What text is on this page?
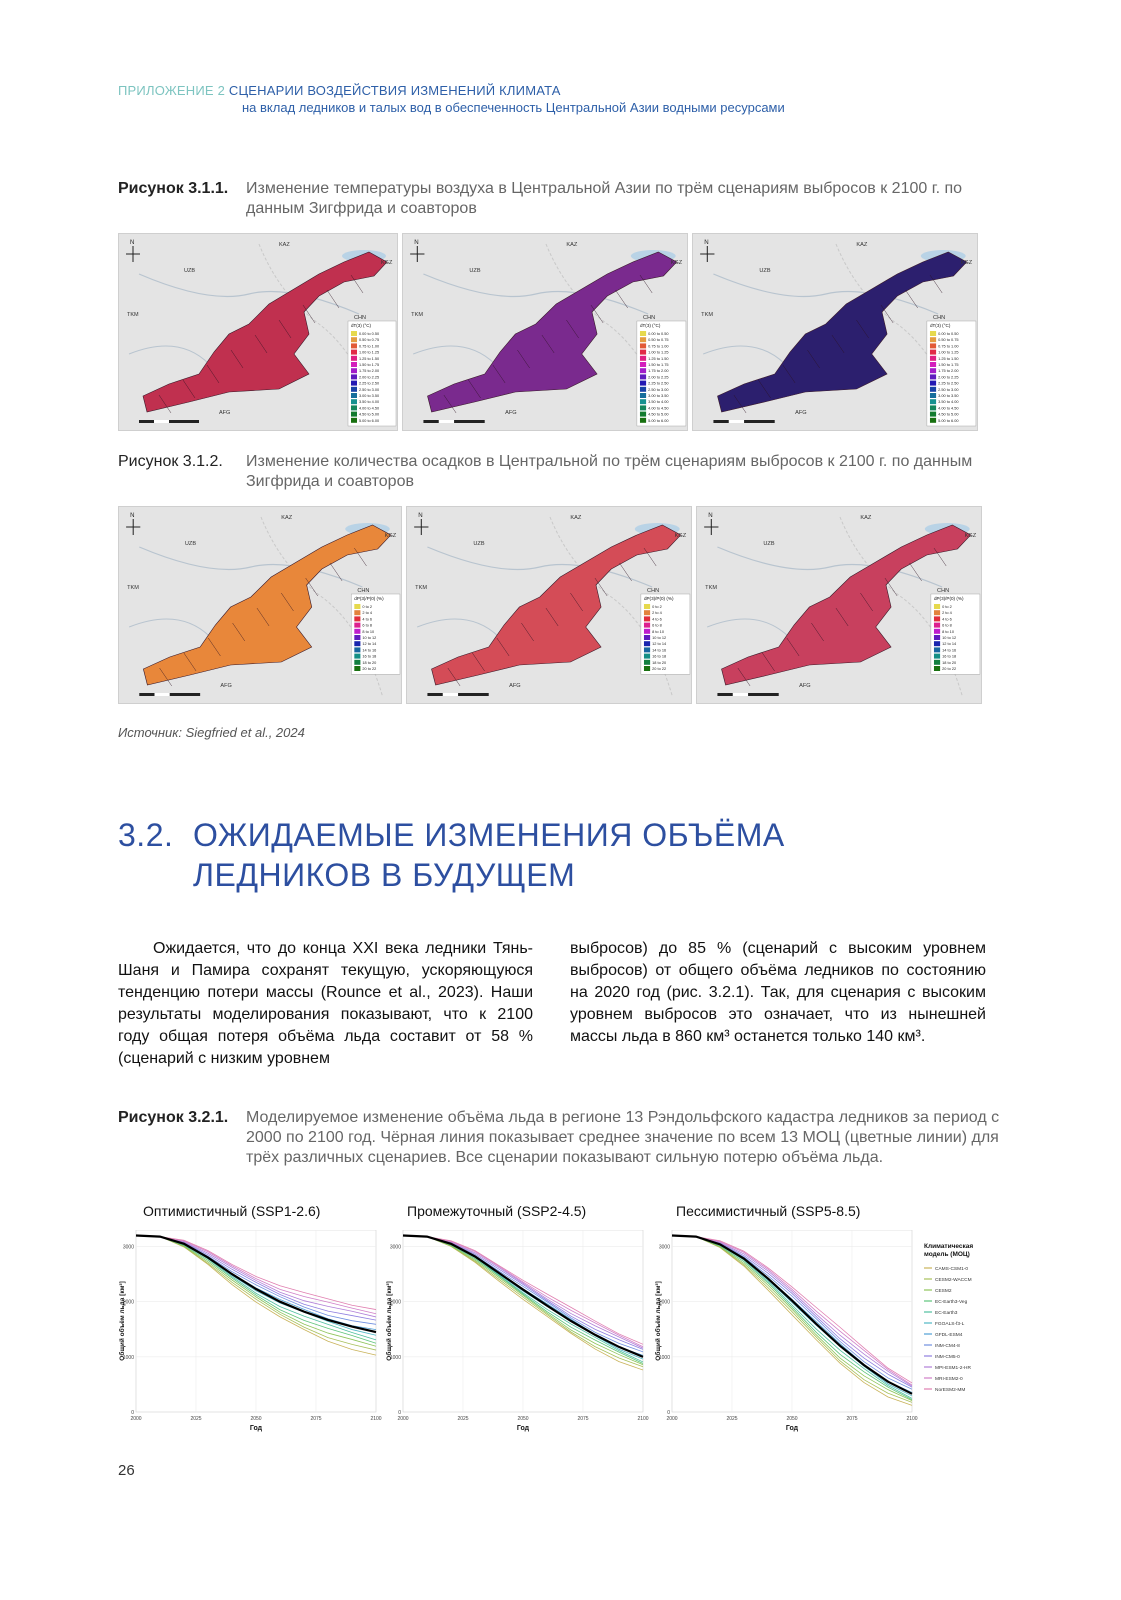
ПРИЛОЖЕНИЕ 2 СЦЕНАРИИ ВОЗДЕЙСТВИЯ ИЗМЕНЕНИЙ КЛИМАТА
на вклад ледников и талых вод в обеспеченность Центральной Азии водными ресурсами
Рисунок 3.1.1. Изменение температуры воздуха в Центральной Азии по трём сценариям выбросов к 2100 г. по данным Зигфрида и соавторов
N	KAZ
UZB
TKM	CHN
AFG
KGZ
dT(3) (°C)
0.00 to 0.50
0.50 to 0.75
0.75 to 1.00
1.00 to 1.25
1.25 to 1.50
1.50 to 1.75
1.75 to 2.00
2.00 to 2.25
2.25 to 2.50
2.50 to 3.00
3.00 to 3.50
3.50 to 4.00
4.00 to 4.50
4.50 to 5.00
5.00 to 6.00
N	KAZ
UZB
TKM
CHN
AFG
KGZ
dT(3) (°C)
0.00 to 0.50
0.50 to 0.75
0.75 to 1.00
1.00 to 1.25
1.25 to 1.50
1.50 to 1.75
1.75 to 2.00
2.00 to 2.25
2.25 to 2.50
2.50 to 3.00
3.00 to 3.50
3.50 to 4.00
4.00 to 4.50
4.50 to 5.00
5.00 to 6.00
N	KAZ
UZB
TKM
CHN
AFG
KGZ
dT(3) (°C)
0.00 to 0.50
0.50 to 0.75
0.75 to 1.00
1.00 to 1.25
1.25 to 1.50
1.50 to 1.75
1.75 to 2.00
2.00 to 2.25
2.25 to 2.50
2.50 to 3.00
3.00 to 3.50
3.50 to 4.00
4.00 to 4.50
4.50 to 5.00
5.00 to 6.00
Рисунок 3.1.2. Изменение количества осадков в Центральной по трём сценариям выбросов к 2100 г. по данным Зигфрида и соавторов
N	KAZ
UZB
TKM
CHN
AFG
KGZ
dP(3)/P(0) (%)
0 to 2
2 to 4
4 to 6
6 to 8
8 to 10
10 to 12
12 to 14
14 to 16
16 to 18
18 to 20
20 to 22
N	KAZ
UZB
TKM
CHN
AFG
KGZ
dP(3)/P(0) (%)
0 to 2
2 to 4
4 to 6
6 to 8
8 to 10
10 to 12
12 to 14
14 to 16
16 to 18
18 to 20
20 to 22
N	KAZ
UZB
TKM
CHN
AFG
KGZ
dP(3)/P(0) (%)
0 to 2
2 to 4
4 to 6
6 to 8
8 to 10
10 to 12
12 to 14
14 to 16
16 to 18
18 to 20
20 to 22
Источник: Siegfried et al., 2024
3.2. ОЖИДАЕМЫЕ ИЗМЕНЕНИЯ ОБЪЁМА
ЛЕДНИКОВ В БУДУЩЕМ
Ожидается, что до конца XXI века ледники Тянь-Шаня и Памира сохранят текущую, ускоряющуюся тенденцию потери массы (Rounce et al., 2023). Наши результаты моделирования показывают, что к 2100 году общая потеря объёма льда составит от 58 % (сценарий с низким уровнем
выбросов) до 85 % (сценарий с высоким уровнем выбросов) от общего объёма ледников по состоянию на 2020 год (рис. 3.2.1). Так, для сценария с высоким уровнем выбросов это означает, что из нынешней массы льда в 860 км³ останется только 140 км³.
Рисунок 3.2.1. Моделируемое изменение объёма льда в регионе 13 Рэндольфского кадастра ледников за период с 2000 по 2100 год. Чёрная линия показывает среднее значение по всем 13 МОЦ (цветные линии) для трёх различных сценариев. Все сценарии показывают сильную потерю объёма льда.
Оптимистичный (SSP1-2.6)	Промежуточный (SSP2-4.5)	Пессимистичный (SSP5-8.5)
0
1000
2000
3000
2000	2025	2050	2075	2100
Год
Общий объём льда [км³]
0
1000
2000
3000
2000	2025	2050	2075	2100
Год
Общий объём льда [км³]
0
1000
2000
3000
2000	2025	2050	2075	2100
Год
Общий объём льда [км³]
Климатическая
модель (МОЦ)
CAMS-CSM1-0
CESM2-WACCM
CESM2
EC-Earth3-Veg
EC-Earth3
FGOALS-f3-L
GFDL-ESM4
INM-CM4-8
INM-CM5-0
MPI-ESM1-2-HR
MRI-ESM2-0
NorESM2-MM
26
